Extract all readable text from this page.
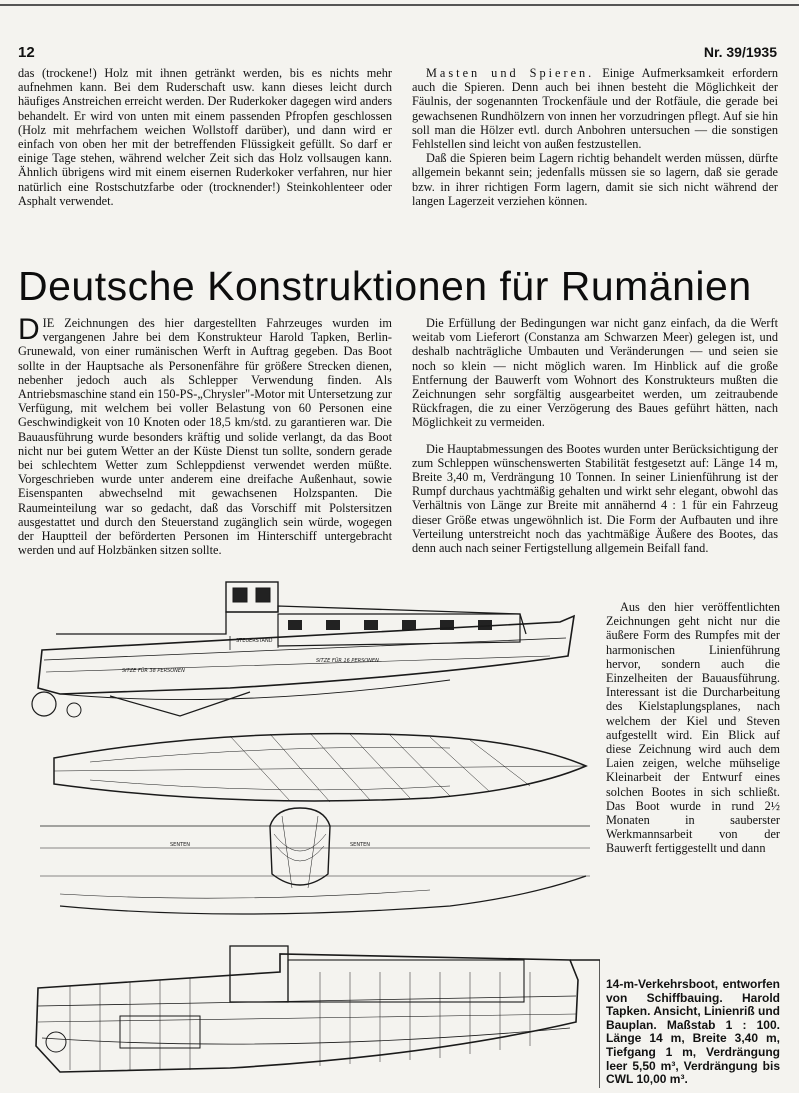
12	Nr. 39/1935

das (trockene!) Holz mit ihnen getränkt werden, bis es nichts mehr aufnehmen kann. Bei dem Ruderschaft usw. kann dieses leicht durch häufiges Anstreichen erreicht werden. Der Ruderkoker dagegen wird anders behandelt. Er wird von unten mit einem passenden Pfropfen geschlossen (Holz mit mehrfachem weichen Wollstoff darüber), und dann wird er einfach von oben her mit der betreffenden Flüssigkeit gefüllt. So darf er einige Tage stehen, während welcher Zeit sich das Holz vollsaugen kann. Ähnlich übrigens wird mit einem eisernen Ruderkoker verfahren, nur hier natürlich eine Rostschutzfarbe oder (trocknender!) Steinkohlenteer oder Asphalt verwendet.

Masten und Spieren. Einige Aufmerksamkeit erfordern auch die Spieren. Denn auch bei ihnen besteht die Möglichkeit der Fäulnis, der sogenannten Trockenfäule und der Rotfäule, die gerade bei gewachsenen Rundhölzern von innen her vorzudringen pflegt. Auf sie hin soll man die Hölzer evtl. durch Anbohren untersuchen — die sonstigen Fehlstellen sind leicht von außen festzustellen.

Daß die Spieren beim Lagern richtig behandelt werden müssen, dürfte allgemein bekannt sein; jedenfalls müssen sie so lagern, daß sie gerade bzw. in ihrer richtigen Form lagern, damit sie sich nicht während der langen Lagerzeit verziehen können.

Deutsche Konstruktionen für Rumänien

DIE Zeichnungen des hier dargestellten Fahrzeuges wurden im vergangenen Jahre bei dem Konstrukteur Harold Tapken, Berlin-Grunewald, von einer rumänischen Werft in Auftrag gegeben. Das Boot sollte in der Hauptsache als Personenfähre für größere Strecken dienen, nebenher jedoch auch als Schlepper Verwendung finden. Als Antriebsmaschine stand ein 150-PS-„Chrysler"-Motor mit Untersetzung zur Verfügung, mit welchem bei voller Belastung von 60 Personen eine Geschwindigkeit von 10 Knoten oder 18,5 km/std. zu garantieren war. Die Bauausführung wurde besonders kräftig und solide verlangt, da das Boot nicht nur bei gutem Wetter an der Küste Dienst tun sollte, sondern gerade bei schlechtem Wetter zum Schleppdienst verwendet werden müßte. Vorgeschrieben wurde unter anderem eine dreifache Außenhaut, sowie Eisenspanten abwechselnd mit gewachsenen Holzspanten. Die Raumeinteilung war so gedacht, daß das Vorschiff mit Polstersitzen ausgestattet und durch den Steuerstand zugänglich sein würde, wogegen der Hauptteil der beförderten Personen im Hinterschiff untergebracht werden und auf Holzbänken sitzen sollte.

Die Erfüllung der Bedingungen war nicht ganz einfach, da die Werft weitab vom Lieferort (Constanza am Schwarzen Meer) gelegen ist, und deshalb nachträgliche Umbauten und Veränderungen — und seien sie noch so klein — nicht möglich waren. Im Hinblick auf die große Entfernung der Bauwerft vom Wohnort des Konstrukteurs mußten die Zeichnungen sehr sorgfältig ausgearbeitet werden, um zeitraubende Rückfragen, die zu einer Verzögerung des Baues geführt hätten, nach Möglichkeit zu vermeiden.

Die Hauptabmessungen des Bootes wurden unter Berücksichtigung der zum Schleppen wünschenswerten Stabilität festgesetzt auf: Länge 14 m, Breite 3,40 m, Verdrängung 10 Tonnen. In seiner Linienführung ist der Rumpf durchaus yachtmäßig gehalten und wirkt sehr elegant, obwohl das Verhältnis von Länge zur Breite mit annähernd 4 : 1 für ein Fahrzeug dieser Größe etwas ungewöhnlich ist. Die Form der Aufbauten und ihre Verteilung unterstreicht noch das yachtmäßige Äußere des Bootes, das denn auch nach seiner Fertigstellung allgemein Beifall fand.

Aus den hier veröffentlichten Zeichnungen geht nicht nur die äußere Form des Rumpfes mit der harmonischen Linienführung hervor, sondern auch die Einzelheiten der Bauausführung. Interessant ist die Durcharbeitung des Kielstaplungsplanes, nach welchem der Kiel und Steven aufgestellt wird. Ein Blick auf diese Zeichnung wird auch dem Laien zeigen, welche mühselige Kleinarbeit der Entwurf eines solchen Bootes in sich schließt. Das Boot wurde in rund 2½ Monaten in sauberster Werkmannsarbeit von der Bauwerft fertiggestellt und dann

SITZE FÜR 38 PERSONEN
SITZE FÜR 16 PERSONEN
STEUERSTAND
SENTEN	SENTEN
14-m-Verkehrsboot, entworfen von Schiffbauing. Harold Tapken. Ansicht, Linienriß und Bauplan. Maßstab 1 : 100. Länge 14 m, Breite 3,40 m, Tiefgang 1 m, Verdrängung leer 5,50 m³, Verdrängung bis CWL 10,00 m³.
